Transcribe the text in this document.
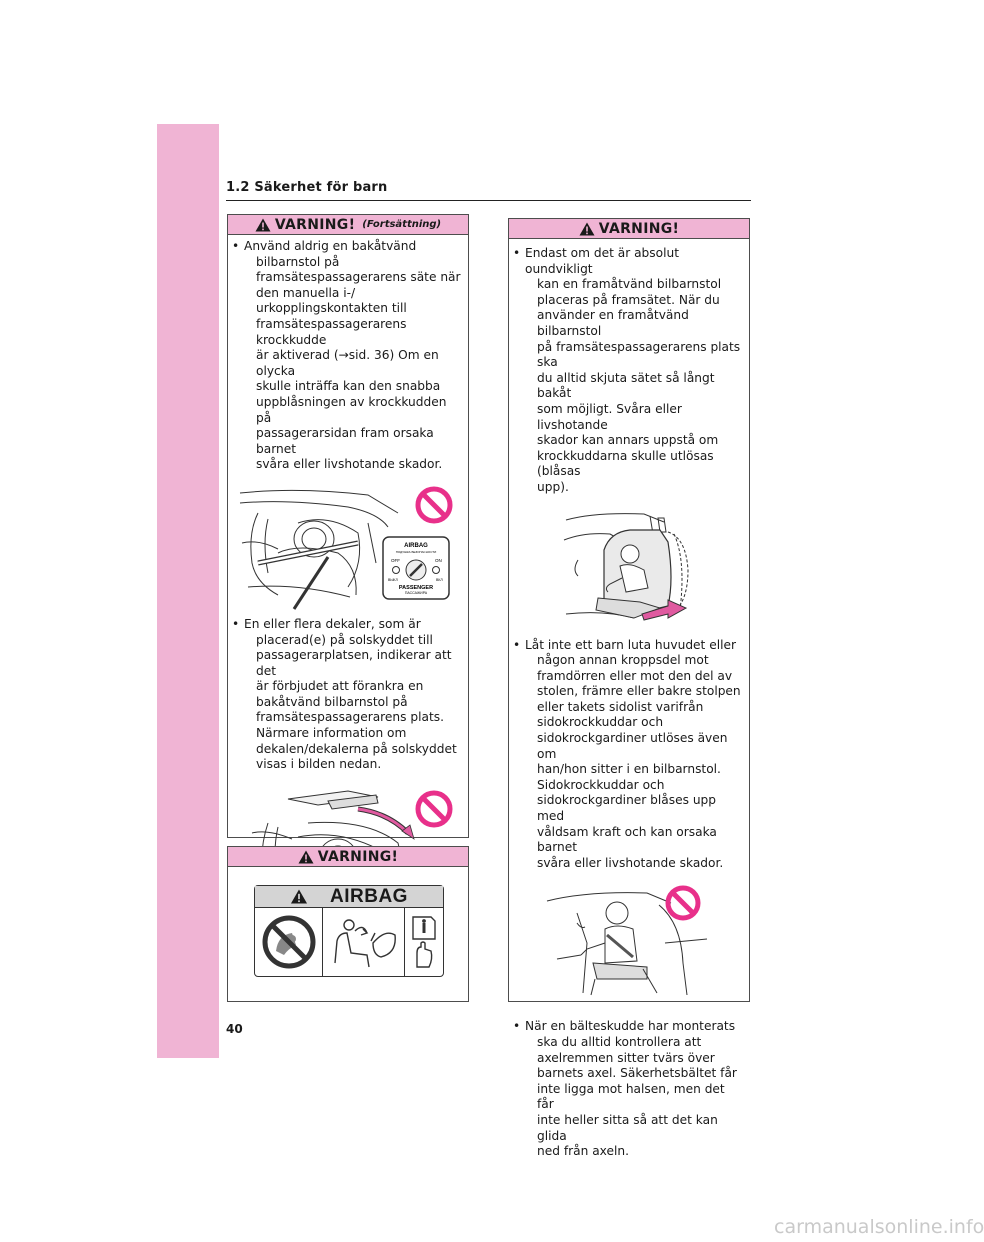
1.2 Säkerhet för barn
VARNING! (Fortsättning)
• Använd aldrig en bakåtvänd
bilbarnstol på
framsätespassagerarens säte när
den manuella i-/
urkopplingskontakten till
framsätespassagerarens krockkudde
är aktiverad (→sid. 36) Om en olycka
skulle inträffa kan den snabba
uppblåsningen av krockkudden på
passagerarsidan fram orsaka barnet
svåra eller livshotande skador.
AIRBAG
ПОДУШКА БЕЗОПАСНОСТИ
OFF	ON
ВЫКЛ	ВКЛ
PASSENGER
ПАССАЖИРА
• En eller flera dekaler, som är
placerad(e) på solskyddet till
passagerarplatsen, indikerar att det
är förbjudet att förankra en
bakåtvänd bilbarnstol på
framsätespassagerarens plats.
Närmare information om
dekalen/dekalerna på solskyddet
visas i bilden nedan.
VARNING!
AIRBAG
VARNING!
• Endast om det är absolut oundvikligt
kan en framåtvänd bilbarnstol
placeras på framsätet. När du
använder en framåtvänd bilbarnstol
på framsätespassagerarens plats ska
du alltid skjuta sätet så långt bakåt
som möjligt. Svåra eller livshotande
skador kan annars uppstå om
krockkuddarna skulle utlösas (blåsas
upp).
• Låt inte ett barn luta huvudet eller
någon annan kroppsdel mot
framdörren eller mot den del av
stolen, främre eller bakre stolpen
eller takets sidolist varifrån
sidokrockkuddar och
sidokrockgardiner utlöses även om
han/hon sitter i en bilbarnstol.
Sidokrockkuddar och
sidokrockgardiner blåses upp med
våldsam kraft och kan orsaka barnet
svåra eller livshotande skador.
• När en bälteskudde har monterats
ska du alltid kontrollera att
axelremmen sitter tvärs över
barnets axel. Säkerhetsbältet får
inte ligga mot halsen, men det får
inte heller sitta så att det kan glida
ned från axeln.
40
carmanualsonline.info
